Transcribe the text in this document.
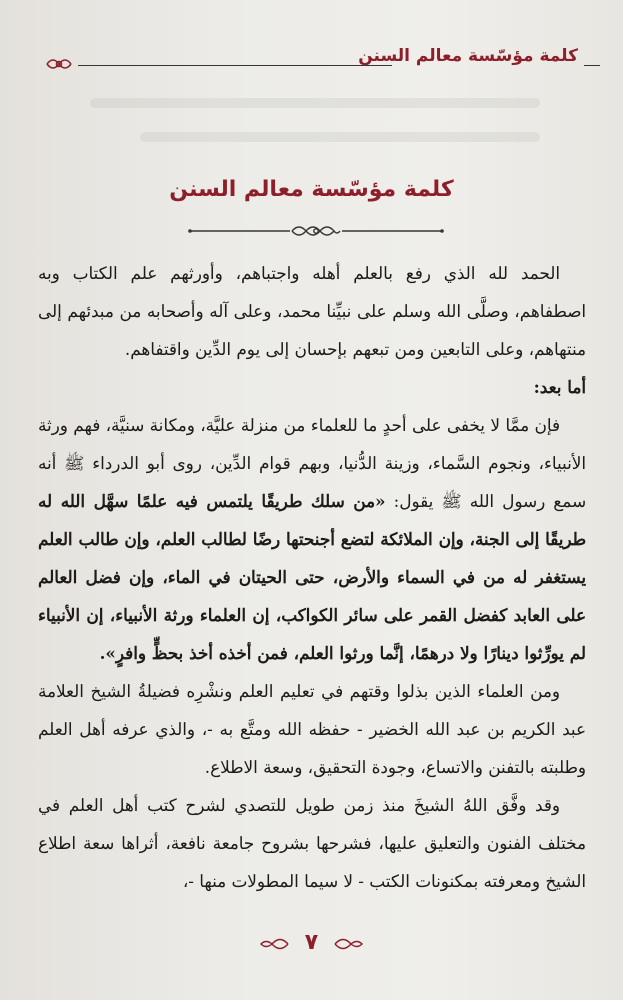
كلمة مؤسّسة معالم السنن
كلمة مؤسّسة معالم السنن

الحمد لله الذي رفع بالعلم أهله واجتباهم، وأورثهم علم الكتاب وبه اصطفاهم، وصلَّى الله وسلم على نبيِّنا محمد، وعلى آله وأصحابه من مبدئهم إلى منتهاهم، وعلى التابعين ومن تبعهم بإحسان إلى يوم الدِّين واقتفاهم.

أما بعد:

فإن ممَّا لا يخفى على أحدٍ ما للعلماء من منزلة عليَّة، ومكانة سنيَّة، فهم ورثة الأنبياء، ونجوم السَّماء، وزينة الدُّنيا، وبهم قوام الدِّين، روى أبو الدرداء ﷺ أنه سمع رسول الله ﷺ يقول: «من سلك طريقًا يلتمس فيه علمًا سهَّل الله له طريقًا إلى الجنة، وإن الملائكة لتضع أجنحتها رضًا لطالب العلم، وإن طالب العلم يستغفر له من في السماء والأرض، حتى الحيتان في الماء، وإن فضل العالم على العابد كفضل القمر على سائر الكواكب، إن العلماء ورثة الأنبياء، إن الأنبياء لم يورِّثوا دينارًا ولا درهمًا، إنَّما ورثوا العلم، فمن أخذه أخذ بحظٍّ وافرٍ».

ومن العلماء الذين بذلوا وقتهم في تعليم العلم ونشْرِه فضيلةُ الشيخ العلامة عبد الكريم بن عبد الله الخضير - حفظه الله ومتَّع به -، والذي عرفه أهل العلم وطلبته بالتفنن والاتساع، وجودة التحقيق، وسعة الاطلاع.

وقد وفَّق اللهُ الشيخَ منذ زمن طويل للتصدي لشرح كتب أهل العلم في مختلف الفنون والتعليق عليها، فشرحها بشروح جامعة نافعة، أثراها سعة اطلاع الشيخ ومعرفته بمكنونات الكتب - لا سيما المطولات منها -،

٧
